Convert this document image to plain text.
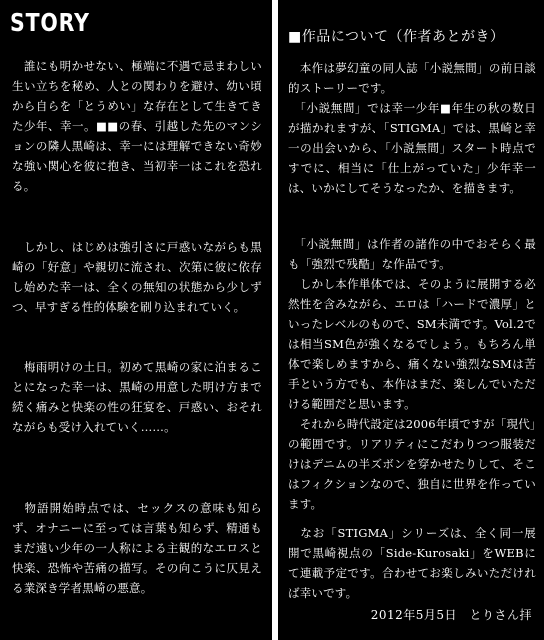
STORY

　誰にも明かせない、極端に不遇で忌まわしい生い立ちを秘め、人との関わりを避け、幼い頃から自らを「とうめい」な存在として生きてきた少年、幸一。■■の春、引越した先のマンションの隣人黒崎は、幸一には理解できない奇妙な強い関心を彼に抱き、当初幸一はこれを恐れる。

　しかし、はじめは強引さに戸惑いながらも黒崎の「好意」や親切に流され、次第に彼に依存し始めた幸一は、全くの無知の状態から少しずつ、早すぎる性的体験を刷り込まれていく。

　梅雨明けの土日。初めて黒崎の家に泊まることになった幸一は、黒崎の用意した明け方まで続く痛みと快楽の性の狂宴を、戸惑い、おそれながらも受け入れていく……。

　物語開始時点では、セックスの意味も知らず、オナニーに至っては言葉も知らず、精通もまだ遠い少年の一人称による主観的なエロスと快楽、恐怖や苦痛の描写。その向こうに仄見える業深き学者黒崎の悪意。

■作品について（作者あとがき）

　本作は夢幻童の同人誌「小説無間」の前日談的ストーリーです。
　「小説無間」では幸一少年■年生の秋の数日が描かれますが、「STIGMA」では、黒崎と幸一の出会いから、「小説無間」スタート時点ですでに、相当に「仕上がっていた」少年幸一は、いかにしてそうなったか、を描きます。

　「小説無間」は作者の諸作の中でおそらく最も「強烈で残酷」な作品です。
　しかし本作単体では、そのように展開する必然性を含みながら、エロは「ハードで濃厚」といったレベルのもので、SM未満です。Vol.2では相当SM色が強くなるでしょう。もちろん単体で楽しめますから、痛くない強烈なSMは苦手という方でも、本作はまだ、楽しんでいただける範囲だと思います。
　それから時代設定は2006年頃ですが「現代」の範囲です。リアリティにこだわりつつ服装だけはデニムの半ズボンを穿かせたりして、そこはフィクションなので、独自に世界を作っています。

　なお「STIGMA」シリーズは、全く同一展開で黒崎視点の「Side-Kurosaki」をWEBにて連載予定です。合わせてお楽しみいただければ幸いです。

2012年5月5日　とりさん拝
